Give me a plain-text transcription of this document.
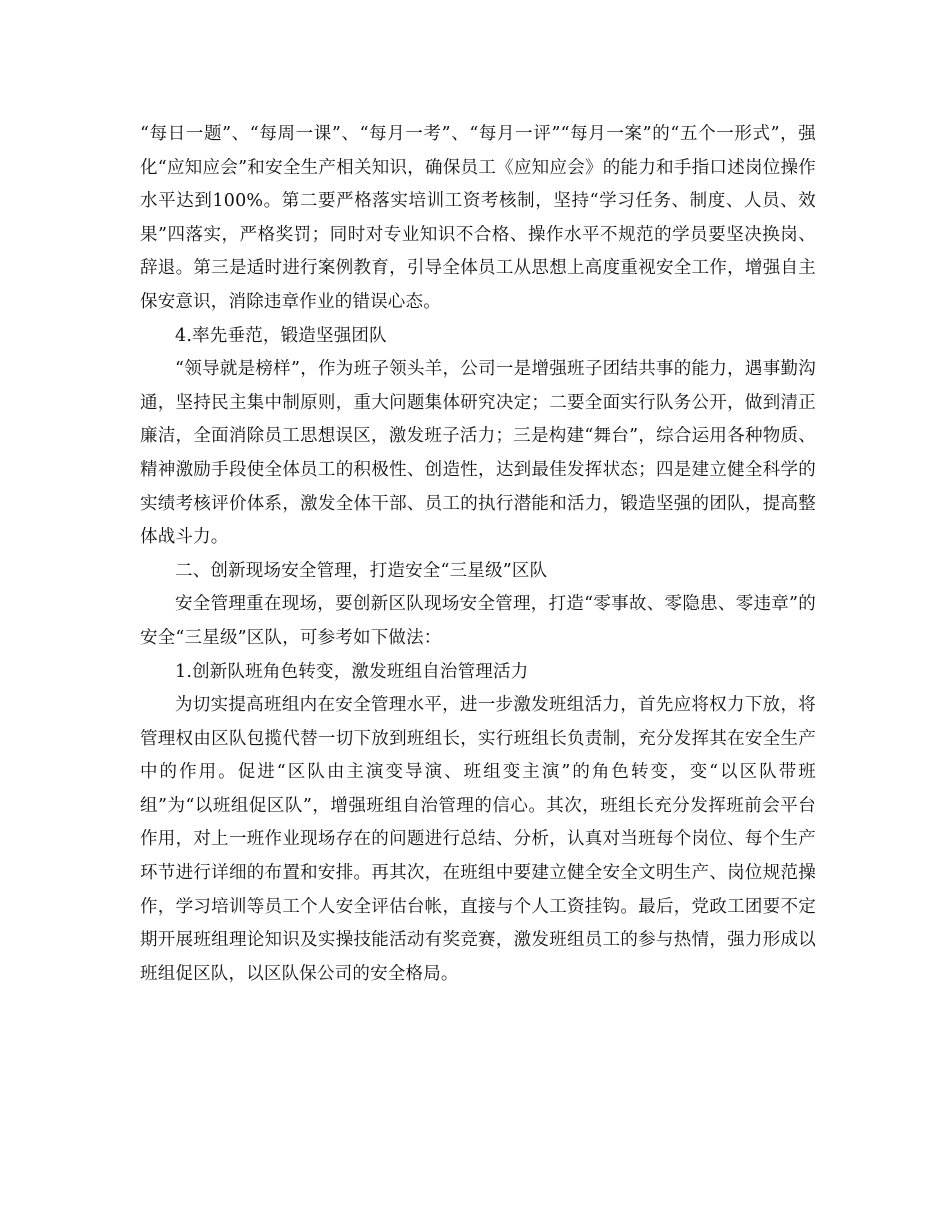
“每日一题”、“每周一课”、“每月一考”、“每月一评”“每月一案”的“五个一形式”，强化“应知应会”和安全生产相关知识，确保员工《应知应会》的能力和手指口述岗位操作水平达到100%。第二要严格落实培训工资考核制，坚持“学习任务、制度、人员、效果”四落实，严格奖罚；同时对专业知识不合格、操作水平不规范的学员要坚决换岗、辞退。第三是适时进行案例教育，引导全体员工从思想上高度重视安全工作，增强自主保安意识，消除违章作业的错误心态。

4.率先垂范，锻造坚强团队

“领导就是榜样”，作为班子领头羊，公司一是增强班子团结共事的能力，遇事勤沟通，坚持民主集中制原则，重大问题集体研究决定；二要全面实行队务公开，做到清正廉洁，全面消除员工思想误区，激发班子活力；三是构建“舞台”，综合运用各种物质、精神激励手段使全体员工的积极性、创造性，达到最佳发挥状态；四是建立健全科学的实绩考核评价体系，激发全体干部、员工的执行潜能和活力，锻造坚强的团队，提高整体战斗力。

二、创新现场安全管理，打造安全“三星级”区队

安全管理重在现场，要创新区队现场安全管理，打造“零事故、零隐患、零违章”的安全“三星级”区队，可参考如下做法：

1.创新队班角色转变，激发班组自治管理活力

为切实提高班组内在安全管理水平，进一步激发班组活力，首先应将权力下放，将管理权由区队包揽代替一切下放到班组长，实行班组长负责制，充分发挥其在安全生产中的作用。促进“区队由主演变导演、班组变主演”的角色转变，变“以区队带班组”为“以班组促区队”，增强班组自治管理的信心。其次，班组长充分发挥班前会平台作用，对上一班作业现场存在的问题进行总结、分析，认真对当班每个岗位、每个生产环节进行详细的布置和安排。再其次，在班组中要建立健全安全文明生产、岗位规范操作，学习培训等员工个人安全评估台帐，直接与个人工资挂钩。最后，党政工团要不定期开展班组理论知识及实操技能活动有奖竞赛，激发班组员工的参与热情，强力形成以班组促区队，以区队保公司的安全格局。
